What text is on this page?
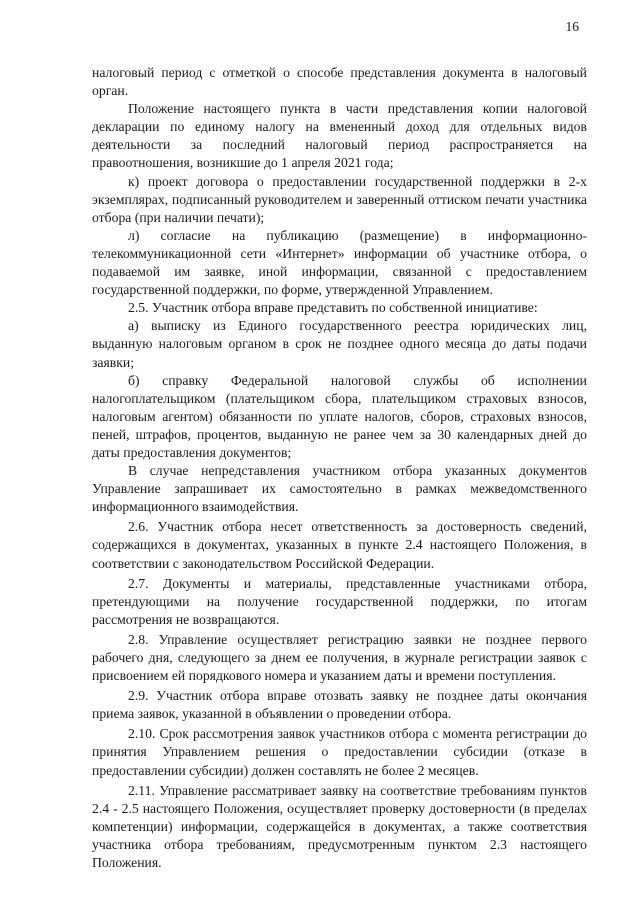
16

налоговый период с отметкой о способе представления документа в налоговый орган.

Положение настоящего пункта в части представления копии налоговой декларации по единому налогу на вмененный доход для отдельных видов деятельности за последний налоговый период распространяется на правоотношения, возникшие до 1 апреля 2021 года;

к) проект договора о предоставлении государственной поддержки в 2-х экземплярах, подписанный руководителем и заверенный оттиском печати участника отбора (при наличии печати);

л) согласие на публикацию (размещение) в информационно-телекоммуникационной сети «Интернет» информации об участнике отбора, о подаваемой им заявке, иной информации, связанной с предоставлением государственной поддержки, по форме, утвержденной Управлением.

2.5. Участник отбора вправе представить по собственной инициативе:

а) выписку из Единого государственного реестра юридических лиц, выданную налоговым органом в срок не позднее одного месяца до даты подачи заявки;

б) справку Федеральной налоговой службы об исполнении налогоплательщиком (плательщиком сбора, плательщиком страховых взносов, налоговым агентом) обязанности по уплате налогов, сборов, страховых взносов, пеней, штрафов, процентов, выданную не ранее чем за 30 календарных дней до даты предоставления документов;

В случае непредставления участником отбора указанных документов Управление запрашивает их самостоятельно в рамках межведомственного информационного взаимодействия.

2.6. Участник отбора несет ответственность за достоверность сведений, содержащихся в документах, указанных в пункте 2.4 настоящего Положения, в соответствии с законодательством Российской Федерации.

2.7. Документы и материалы, представленные участниками отбора, претендующими на получение государственной поддержки, по итогам рассмотрения не возвращаются.

2.8. Управление осуществляет регистрацию заявки не позднее первого рабочего дня, следующего за днем ее получения, в журнале регистрации заявок с присвоением ей порядкового номера и указанием даты и времени поступления.

2.9. Участник отбора вправе отозвать заявку не позднее даты окончания приема заявок, указанной в объявлении о проведении отбора.

2.10. Срок рассмотрения заявок участников отбора с момента регистрации до принятия Управлением решения о предоставлении субсидии (отказе в предоставлении субсидии) должен составлять не более 2 месяцев.

2.11. Управление рассматривает заявку на соответствие требованиям пунктов 2.4 - 2.5 настоящего Положения, осуществляет проверку достоверности (в пределах компетенции) информации, содержащейся в документах, а также соответствия участника отбора требованиям, предусмотренным пунктом 2.3 настоящего Положения.
